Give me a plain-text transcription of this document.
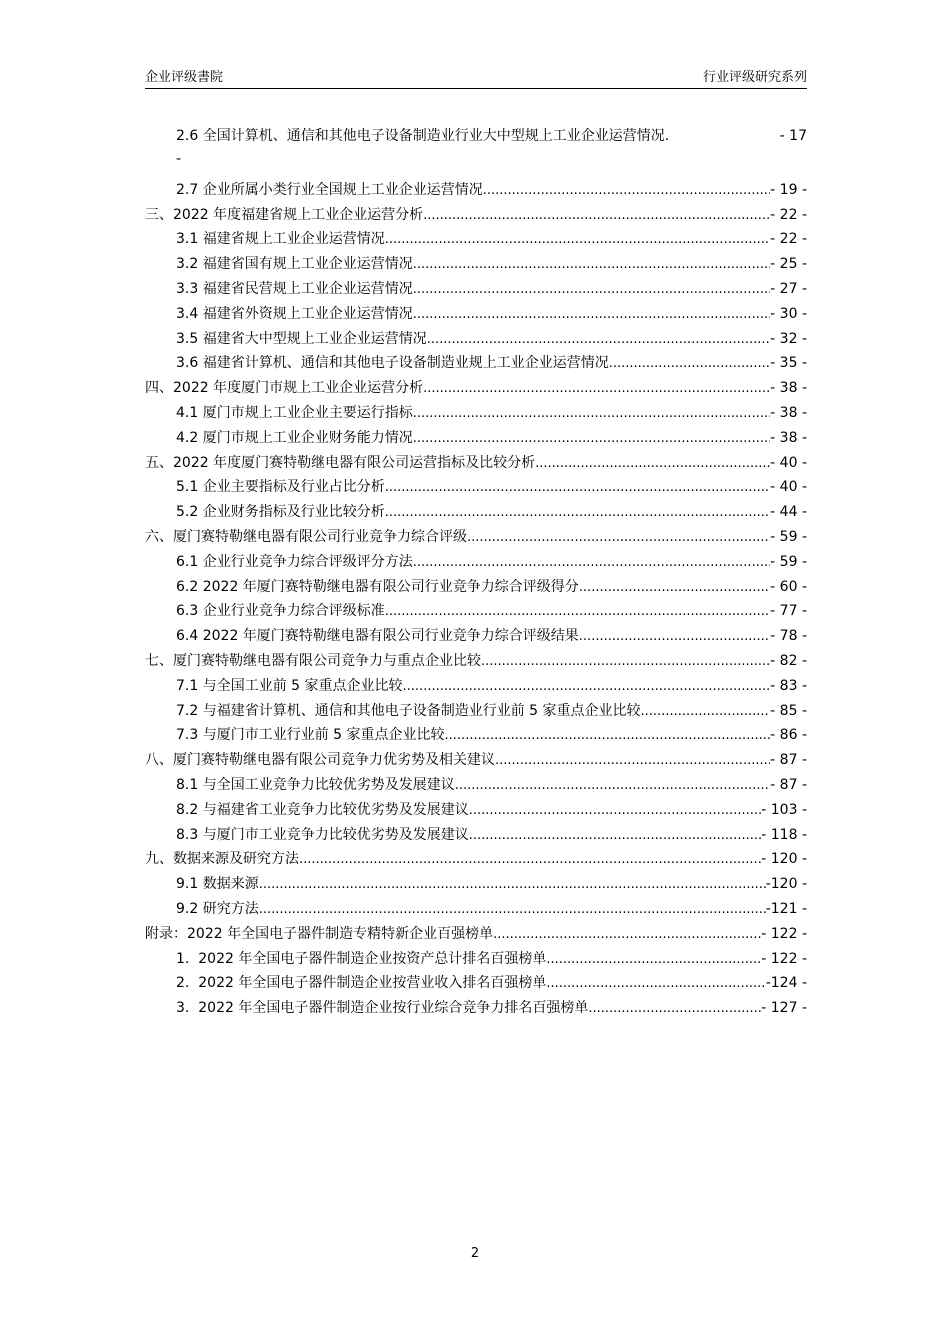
企业评级書院	行业评级研究系列
2.6 全国计算机、通信和其他电子设备制造业行业大中型规上工业企业运营情况.	- 17
-
2.7 企业所属小类行业全国规上工业企业运营情况 .....	- 19 -
三、 2022 年度福建省规上工业企业运营分析 .....	- 22 -
3.1 福建省规上工业企业运营情况 .....	- 22 -
3.2 福建省国有规上工业企业运营情况 .....	- 25 -
3.3 福建省民营规上工业企业运营情况 .....	- 27 -
3.4 福建省外资规上工业企业运营情况 .....	- 30 -
3.5 福建省大中型规上工业企业运营情况 .....	- 32 -
3.6 福建省计算机、通信和其他电子设备制造业规上工业企业运营情况 .....	- 35 -
四、 2022 年度厦门市规上工业企业运营分析 .....	- 38 -
4.1 厦门市规上工业企业主要运行指标 .....	- 38 -
4.2 厦门市规上工业企业财务能力情况 .....	- 38 -
五、 2022 年度厦门赛特勒继电器有限公司运营指标及比较分析 .....	- 40 -
5.1 企业主要指标及行业占比分析 .....	- 40 -
5.2 企业财务指标及行业比较分析 .....	- 44 -
六、 厦门赛特勒继电器有限公司行业竞争力综合评级 .....	- 59 -
6.1 企业行业竞争力综合评级评分方法 .....	- 59 -
6.2 2022 年厦门赛特勒继电器有限公司行业竞争力综合评级得分 .....	- 60 -
6.3 企业行业竞争力综合评级标准 .....	- 77 -
6.4 2022 年厦门赛特勒继电器有限公司行业竞争力综合评级结果 .....	- 78 -
七、 厦门赛特勒继电器有限公司竞争力与重点企业比较 .....	- 82 -
7.1 与全国工业前 5 家重点企业比较 .....	- 83 -
7.2 与福建省计算机、通信和其他电子设备制造业行业前 5 家重点企业比较 .....	- 85 -
7.3 与厦门市工业行业前 5 家重点企业比较 .....	- 86 -
八、 厦门赛特勒继电器有限公司竞争力优劣势及相关建议 .....	- 87 -
8.1 与全国工业竞争力比较优劣势及发展建议 .....	- 87 -
8.2 与福建省工业竞争力比较优劣势及发展建议 .....	- 103 -
8.3 与厦门市工业竞争力比较优劣势及发展建议 .....	- 118 -
九、 数据来源及研究方法 .....	- 120 -
9.1 数据来源 .....	-120 -
9.2 研究方法 .....	-121 -
附录： 2022 年全国电子器件制造专精特新企业百强榜单 .....	- 122 -
1. 2022 年全国电子器件制造企业按资产总计排名百强榜单 .....	- 122 -
2. 2022 年全国电子器件制造企业按营业收入排名百强榜单 .....	-124 -
3. 2022 年全国电子器件制造企业按行业综合竞争力排名百强榜单 .....	- 127 -
2
